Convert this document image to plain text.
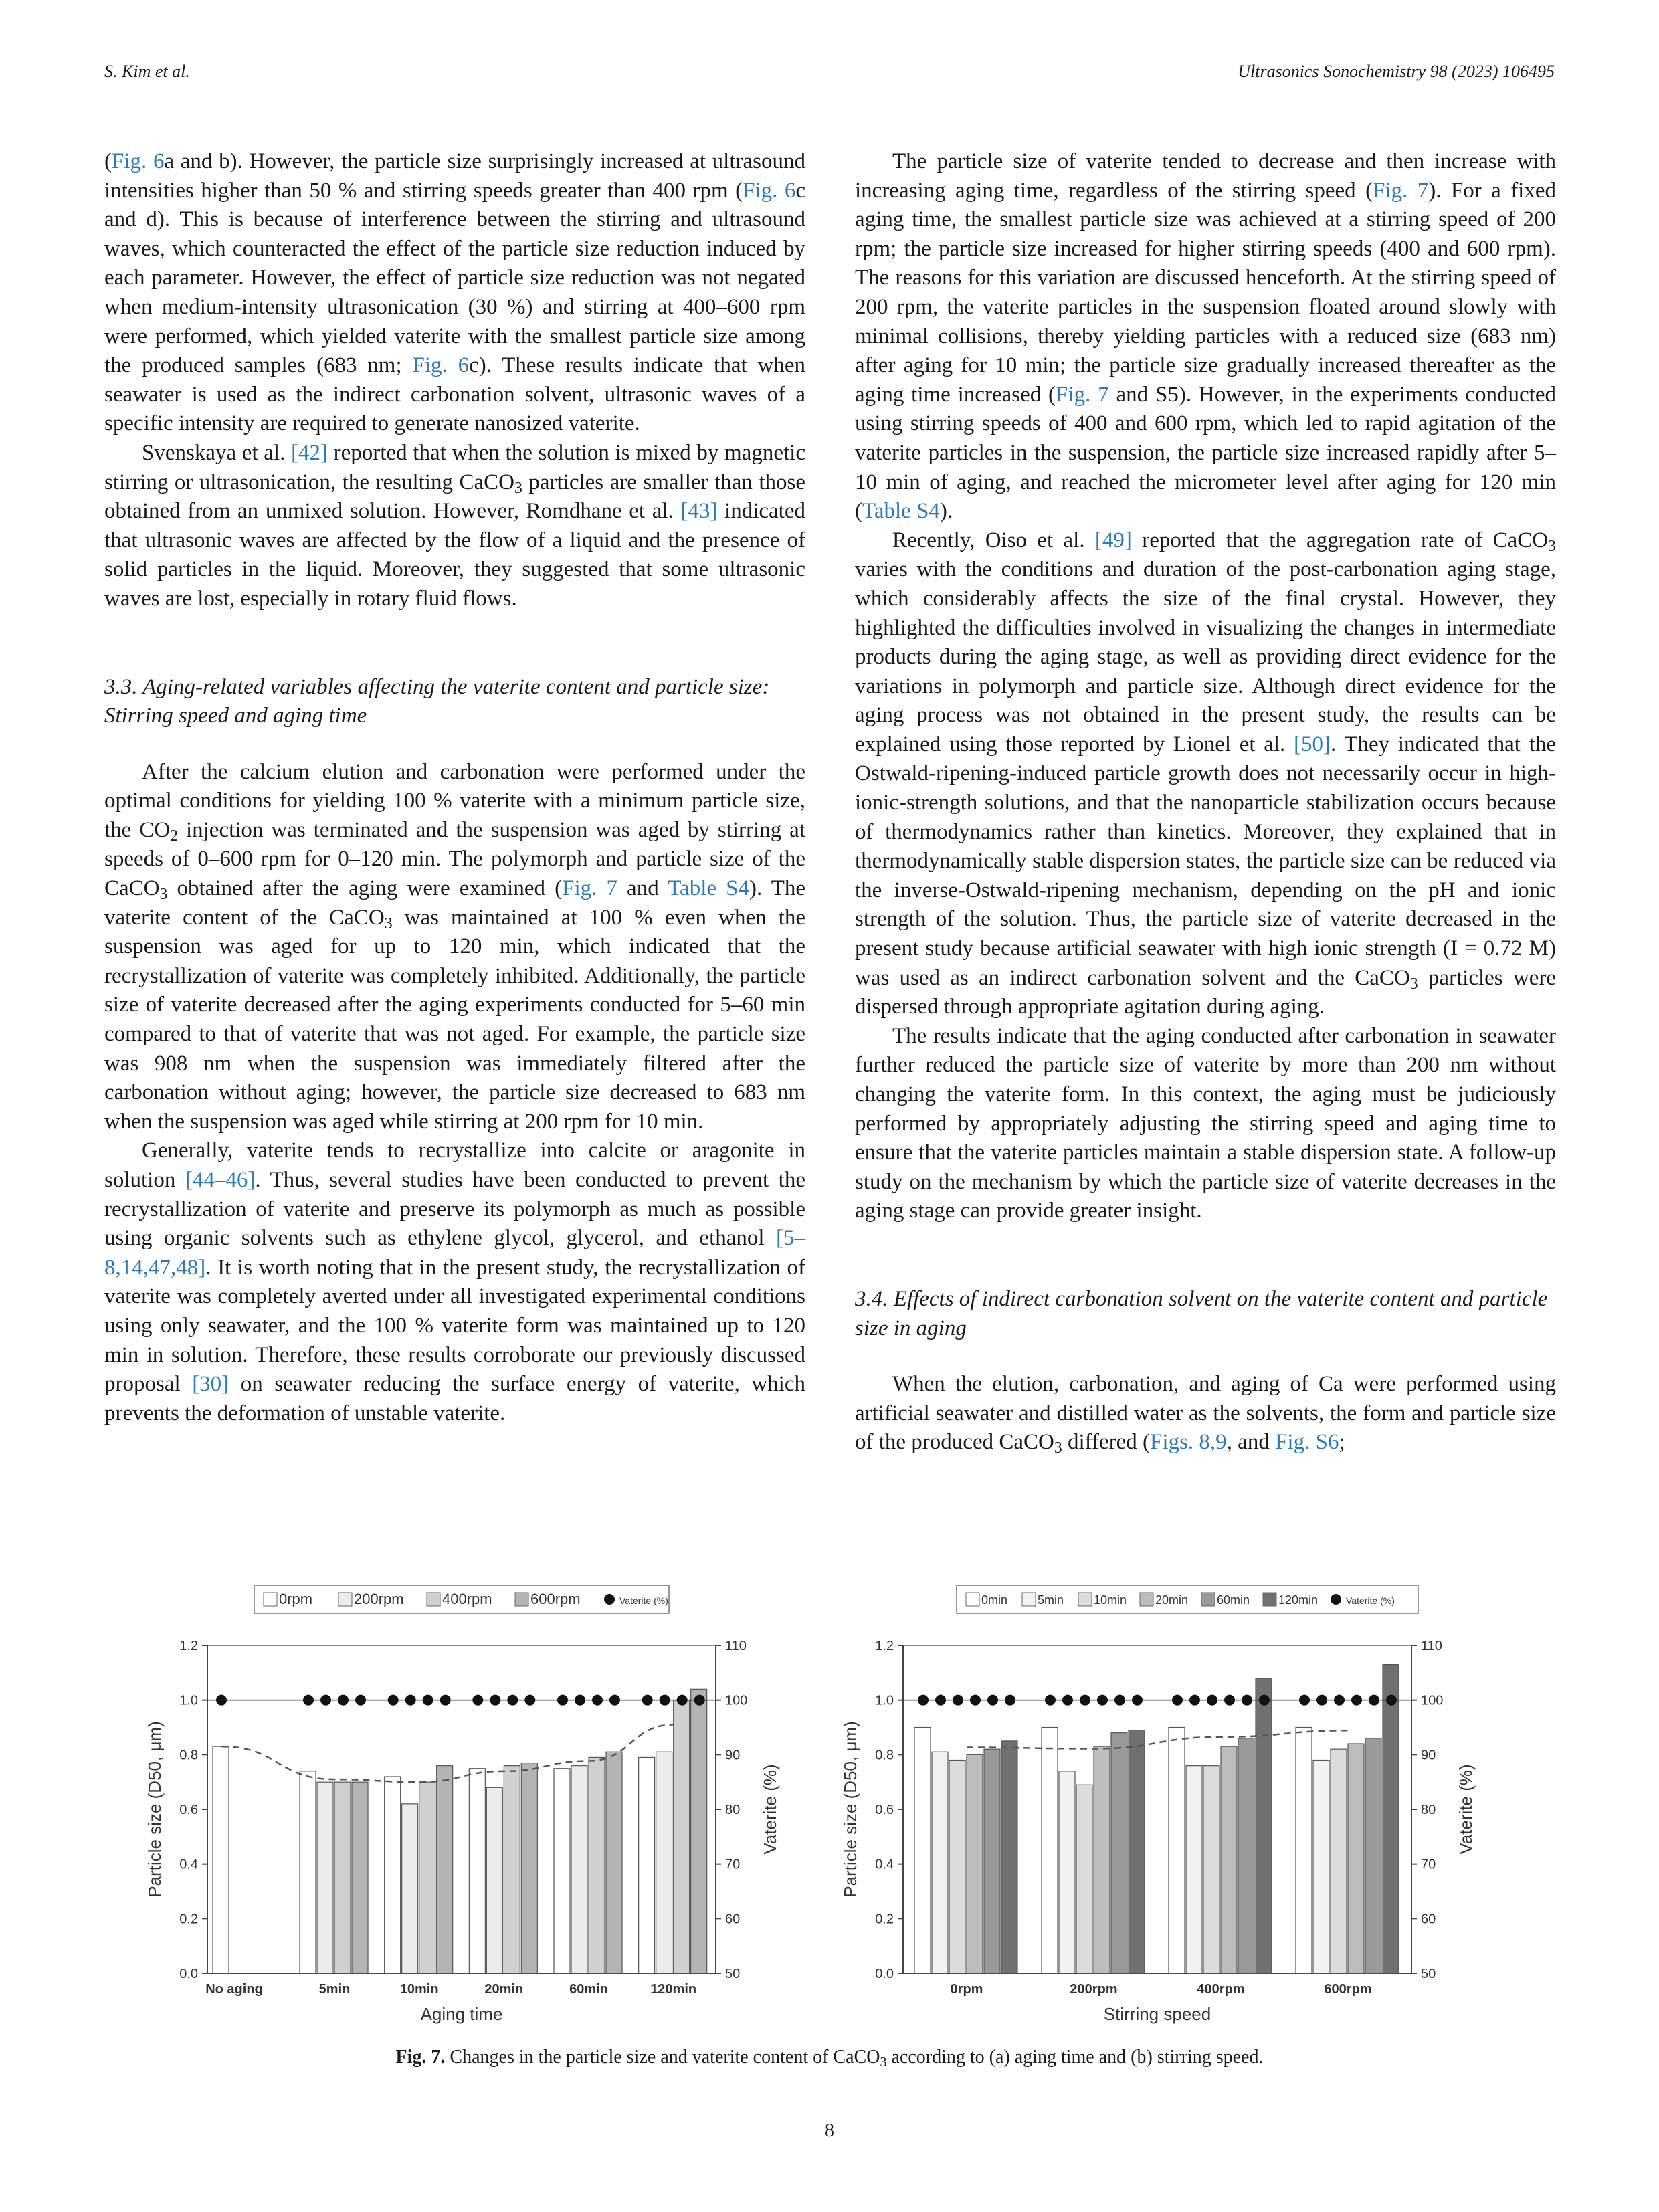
S. Kim et al.	Ultrasonics Sonochemistry 98 (2023) 106495

(Fig. 6a and b). However, the particle size surprisingly increased at ultrasound intensities higher than 50 % and stirring speeds greater than 400 rpm (Fig. 6c and d). This is because of interference between the stirring and ultrasound waves, which counteracted the effect of the particle size reduction induced by each parameter. However, the effect of particle size reduction was not negated when medium-intensity ultrasonication (30 %) and stirring at 400–600 rpm were performed, which yielded vaterite with the smallest particle size among the produced samples (683 nm; Fig. 6c). These results indicate that when seawater is used as the indirect carbonation solvent, ultrasonic waves of a specific intensity are required to generate nanosized vaterite.

Svenskaya et al. [42] reported that when the solution is mixed by magnetic stirring or ultrasonication, the resulting CaCO$_3$ particles are smaller than those obtained from an unmixed solution. However, Romdhane et al. [43] indicated that ultrasonic waves are affected by the flow of a liquid and the presence of solid particles in the liquid. Moreover, they suggested that some ultrasonic waves are lost, especially in rotary fluid flows.

3.3. Aging-related variables affecting the vaterite content and particle size: Stirring speed and aging time

After the calcium elution and carbonation were performed under the optimal conditions for yielding 100 % vaterite with a minimum particle size, the $CO_2$ injection was terminated and the suspension was aged by stirring at speeds of 0–600 rpm for 0–120 min. The polymorph and particle size of the CaCO$_3$ obtained after the aging were examined (Fig. 7 and Table S4). The vaterite content of the CaCO$_3$ was maintained at 100 % even when the suspension was aged for up to 120 min, which indicated that the recrystallization of vaterite was completely inhibited. Additionally, the particle size of vaterite decreased after the aging experiments conducted for 5–60 min compared to that of vaterite that was not aged. For example, the particle size was 908 nm when the suspension was immediately filtered after the carbonation without aging; however, the particle size decreased to 683 nm when the suspension was aged while stirring at 200 rpm for 10 min.

Generally, vaterite tends to recrystallize into calcite or aragonite in solution [44–46]. Thus, several studies have been conducted to prevent the recrystallization of vaterite and preserve its polymorph as much as possible using organic solvents such as ethylene glycol, glycerol, and ethanol [5–8,14,47,48]. It is worth noting that in the present study, the recrystallization of vaterite was completely averted under all investigated experimental conditions using only seawater, and the 100 % vaterite form was maintained up to 120 min in solution. Therefore, these results corroborate our previously discussed proposal [30] on seawater reducing the surface energy of vaterite, which prevents the deformation of unstable vaterite.

The particle size of vaterite tended to decrease and then increase with increasing aging time, regardless of the stirring speed (Fig. 7). For a fixed aging time, the smallest particle size was achieved at a stirring speed of 200 rpm; the particle size increased for higher stirring speeds (400 and 600 rpm). The reasons for this variation are discussed henceforth. At the stirring speed of 200 rpm, the vaterite particles in the suspension floated around slowly with minimal collisions, thereby yielding particles with a reduced size (683 nm) after aging for 10 min; the particle size gradually increased thereafter as the aging time increased (Fig. 7 and S5). However, in the experiments conducted using stirring speeds of 400 and 600 rpm, which led to rapid agitation of the vaterite particles in the suspension, the particle size increased rapidly after 5–10 min of aging, and reached the micrometer level after aging for 120 min (Table S4).

Recently, Oiso et al. [49] reported that the aggregation rate of CaCO$_3$ varies with the conditions and duration of the post-carbonation aging stage, which considerably affects the size of the final crystal. However, they highlighted the difficulties involved in visualizing the changes in intermediate products during the aging stage, as well as providing direct evidence for the variations in polymorph and particle size. Although direct evidence for the aging process was not obtained in the present study, the results can be explained using those reported by Lionel et al. [50]. They indicated that the Ostwald-ripening-induced particle growth does not necessarily occur in high-ionic-strength solutions, and that the nanoparticle stabilization occurs because of thermodynamics rather than kinetics. Moreover, they explained that in thermodynamically stable dispersion states, the particle size can be reduced via the inverse-Ostwald-ripening mechanism, depending on the pH and ionic strength of the solution. Thus, the particle size of vaterite decreased in the present study because artificial seawater with high ionic strength (I = 0.72 M) was used as an indirect carbonation solvent and the CaCO$_3$ particles were dispersed through appropriate agitation during aging.

The results indicate that the aging conducted after carbonation in seawater further reduced the particle size of vaterite by more than 200 nm without changing the vaterite form. In this context, the aging must be judiciously performed by appropriately adjusting the stirring speed and aging time to ensure that the vaterite particles maintain a stable dispersion state. A follow-up study on the mechanism by which the particle size of vaterite decreases in the aging stage can provide greater insight.

3.4. Effects of indirect carbonation solvent on the vaterite content and particle size in aging

When the elution, carbonation, and aging of Ca were performed using artificial seawater and distilled water as the solvents, the form and particle size of the produced CaCO$_3$ differed (Figs. 8,9, and Fig. S6;

0rpm	200rpm	400rpm	600rpm	Vaterite (%)
0.0
0.2
0.4
0.6
0.8
1.0
1.2
50
60
70
80
90
100
110
Particle size (D50, μm)	Vaterite (%)
Aging time
No aging	5min	10min	20min	60min	120min
0min 5min 10min 20min 60min 120min	Vaterite (%)
0.0
0.2
0.4
0.6
0.8
1.0
1.2
50
60
70
80
90
100
110
Particle size (D50, μm)	Vaterite (%)
Stirring speed
0rpm	200rpm	400rpm	600rpm
Fig. 7. Changes in the particle size and vaterite content of CaCO$_3$ according to (a) aging time and (b) stirring speed.
8
